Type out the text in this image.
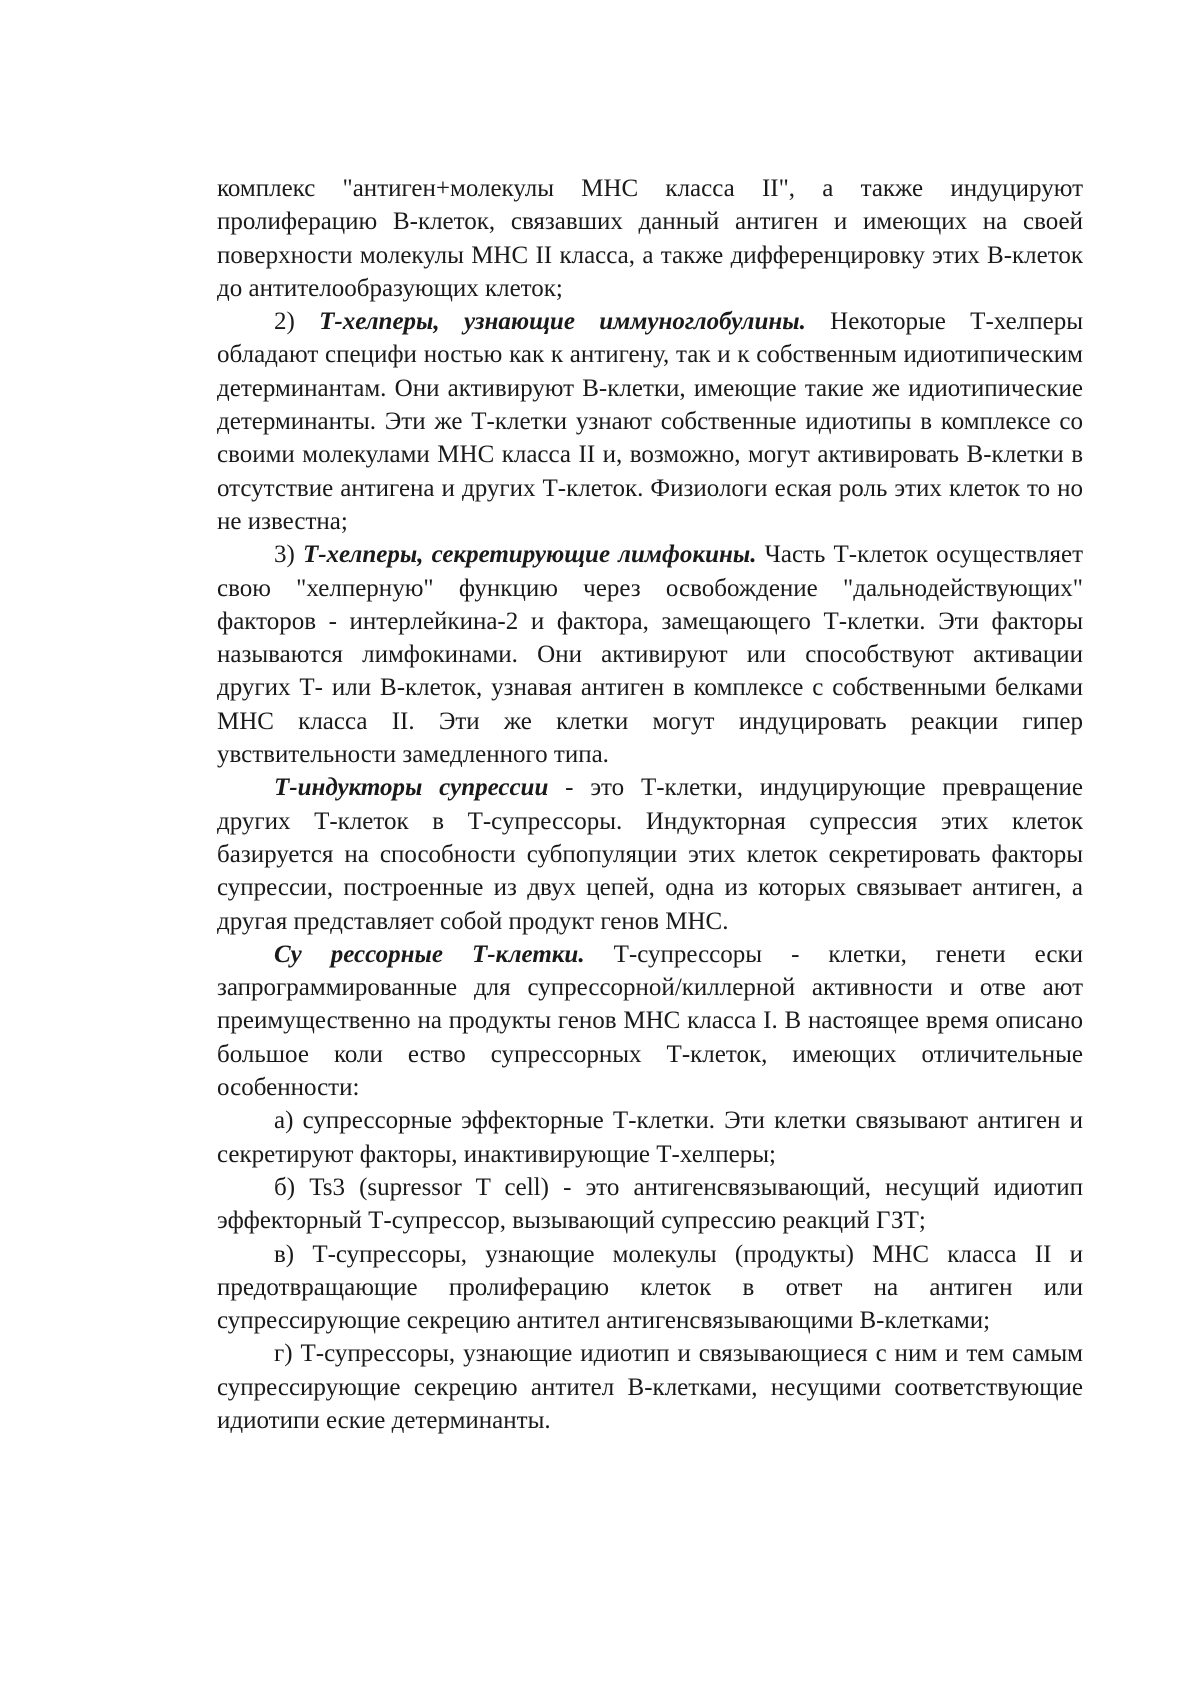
комплекс "антиген+молекулы МНС класса II", а также индуцируют пролиферацию В-клеток, связавших данный антиген и имеющих на своей поверхности молекулы МНС II класса, а также дифференцировку этих В-клеток до антителообразующих клеток;

2) Т-хелперы, узнающие иммуноглобулины. Некоторые Т-хелперы обладают специфи ностью как к антигену, так и к собственным идиотипическим детерминантам. Они активируют В-клетки, имеющие такие же идиотипические детерминанты. Эти же Т-клетки узнают собственные идиотипы в комплексе со своими молекулами МНС класса II и, возможно, могут активировать В-клетки в отсутствие антигена и других Т-клеток. Физиологи еская роль этих клеток то но не известна;

3) Т-хелперы, секретирующие лимфокины. Часть Т-клеток осуществляет свою "хелперную" функцию через освобождение "дальнодействующих" факторов - интерлейкина-2 и фактора, замещающего Т-клетки. Эти факторы называются лимфокинами. Они активируют или способствуют активации других Т- или В-клеток, узнавая антиген в комплексе с собственными белками МНС класса II. Эти же клетки могут индуцировать реакции гипер увствительности замедленного типа.

Т-индукторы супрессии - это Т-клетки, индуцирующие превращение других Т-клеток в Т-супрессоры. Индукторная супрессия этих клеток базируется на способности субпопуляции этих клеток секретировать факторы супрессии, построенные из двух цепей, одна из которых связывает антиген, а другая представляет собой продукт генов МНС.

Су рессорные Т-клетки. Т-супрессоры - клетки, генети ески запрограммированные для супрессорной/киллерной активности и отве ают преимущественно на продукты генов МНС класса I. В настоящее время описано большое коли ество супрессорных Т-клеток, имеющих отличительные особенности:

а) супрессорные эффекторные Т-клетки. Эти клетки связывают антиген и секретируют факторы, инактивирующие Т-хелперы;

б) Ts3 (supressor T cell) - это антигенсвязывающий, несущий идиотип эффекторный Т-супрессор, вызывающий супрессию реакций ГЗТ;

в) Т-супрессоры, узнающие молекулы (продукты) МНС класса II и предотвращающие пролиферацию клеток в ответ на антиген или супрессирующие секрецию антител антигенсвязывающими В-клетками;

г) Т-супрессоры, узнающие идиотип и связывающиеся с ним и тем самым супрессирующие секрецию антител В-клетками, несущими соответствующие идиотипи еские детерминанты.
